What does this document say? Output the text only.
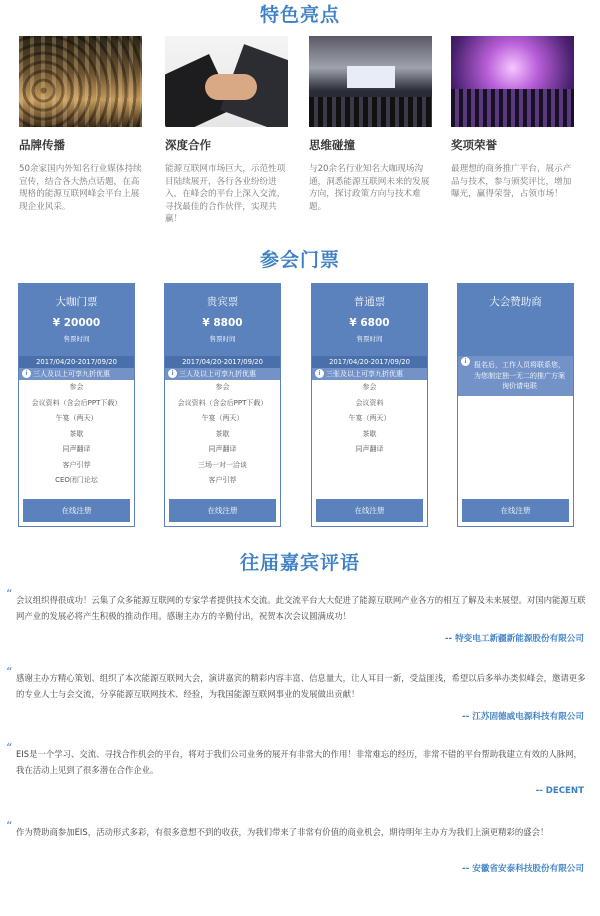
特色亮点
品牌传播
50余家国内外知名行业媒体持续宣传，结合各大热点话题，在高规格的能源互联网峰会平台上展现企业风采。
深度合作
能源互联网市场巨大，示范性项目陆续展开，各行各业纷纷进入，在峰会的平台上深入交流，寻找最佳的合作伙伴，实现共赢！
思维碰撞
与20余名行业知名大咖现场沟通，洞悉能源互联网未来的发展方向，探讨政策方向与技术难题。
奖项荣誉
最理想的商务推广平台，展示产品与技术，参与颁奖评比，增加曝光，赢得荣誉，占领市场！
参会门票
大咖门票
¥ 20000
售票时间
2017/04/20-2017/09/20
i 三人及以上可享九折优惠
参会
会议资料（含会后PPT下载）
午宴（两天）
茶歇
同声翻译
客户引荐
CEO闭门论坛
在线注册
贵宾票
¥ 8800
售票时间
2017/04/20-2017/09/20
i 三人及以上可享九折优惠
参会
会议资料（含会后PPT下载）
午宴（两天）
茶歇
同声翻译
三场一对一洽谈
客户引荐
在线注册
普通票
¥ 6800
售票时间
2017/04/20-2017/09/20
i 三张及以上可享九折优惠
参会
会议资料
午宴（两天）
茶歇
同声翻译
在线注册
大会赞助商
i	报名后，工作人员将联系您，为您制定独一无二的推广方案 询价请电联
在线注册
往届嘉宾评语
“ 会议组织得很成功！云集了众多能源互联网的专家学者提供技术交流。此交流平台大大促进了能源互联网产业各方的相互了解及未来展望。对国内能源互联网产业的发展必将产生积极的推动作用。感谢主办方的辛勤付出，祝贺本次会议圆满成功！
-- 特变电工新疆新能源股份有限公司
“ 感谢主办方精心策划、组织了本次能源互联网大会，演讲嘉宾的精彩内容丰富、信息量大，让人耳目一新，受益匪浅，希望以后多举办类似峰会，邀请更多的专业人士与会交流，分享能源互联网技术、经验，为我国能源互联网事业的发展做出贡献！
-- 江苏固德威电源科技有限公司
“ EIS是一个学习、交流、寻找合作机会的平台，将对于我们公司业务的展开有非常大的作用！非常难忘的经历，非常不错的平台帮助我建立有效的人脉网，我在活动上见到了很多潜在合作企业。
-- DECENT
“ 作为赞助商参加EIS，活动形式多彩，有很多意想不到的收获，为我们带来了非常有价值的商业机会，期待明年主办方为我们上演更精彩的盛会！
-- 安徽省安泰科技股份有限公司
